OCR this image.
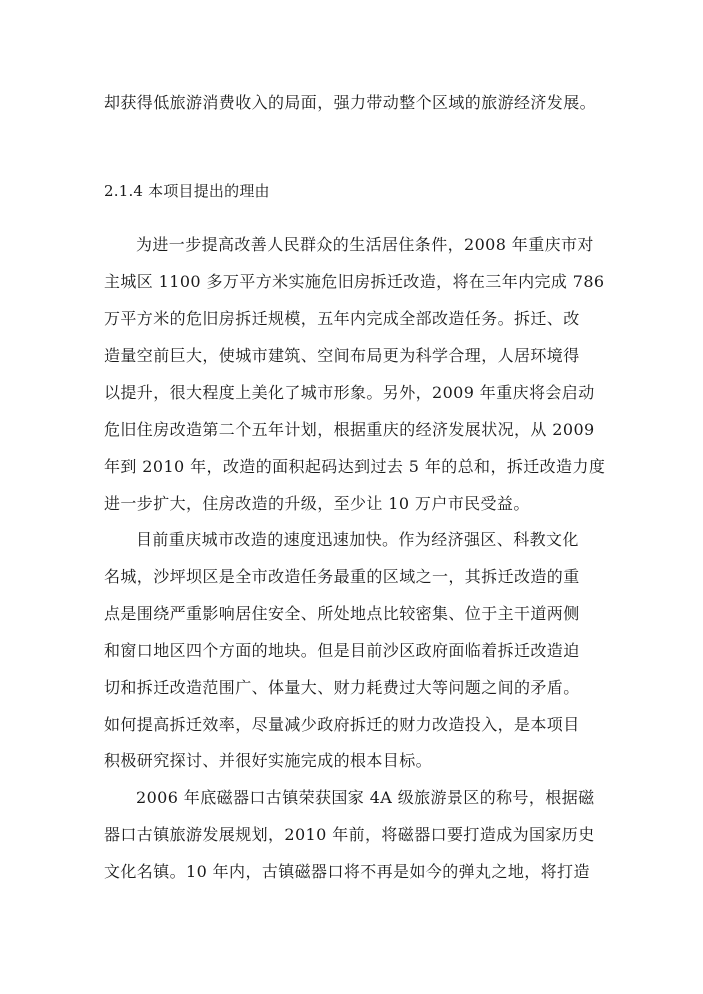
却获得低旅游消费收入的局面，强力带动整个区域的旅游经济发展。
2.1.4 本项目提出的理由
为进一步提高改善人民群众的生活居住条件，2008 年重庆市对
主城区 1100 多万平方米实施危旧房拆迁改造，将在三年内完成 786
万平方米的危旧房拆迁规模，五年内完成全部改造任务。拆迁、改
造量空前巨大，使城市建筑、空间布局更为科学合理，人居环境得
以提升，很大程度上美化了城市形象。另外，2009 年重庆将会启动
危旧住房改造第二个五年计划，根据重庆的经济发展状况，从 2009
年到 2010 年，改造的面积起码达到过去 5 年的总和，拆迁改造力度
进一步扩大，住房改造的升级，至少让 10 万户市民受益。
目前重庆城市改造的速度迅速加快。作为经济强区、科教文化
名城，沙坪坝区是全市改造任务最重的区域之一，其拆迁改造的重
点是围绕严重影响居住安全、所处地点比较密集、位于主干道两侧
和窗口地区四个方面的地块。但是目前沙区政府面临着拆迁改造迫
切和拆迁改造范围广、体量大、财力耗费过大等问题之间的矛盾。
如何提高拆迁效率，尽量减少政府拆迁的财力改造投入，是本项目
积极研究探讨、并很好实施完成的根本目标。
2006 年底磁器口古镇荣获国家 4A 级旅游景区的称号，根据磁
器口古镇旅游发展规划，2010 年前，将磁器口要打造成为国家历史
文化名镇。10 年内，古镇磁器口将不再是如今的弹丸之地，将打造
